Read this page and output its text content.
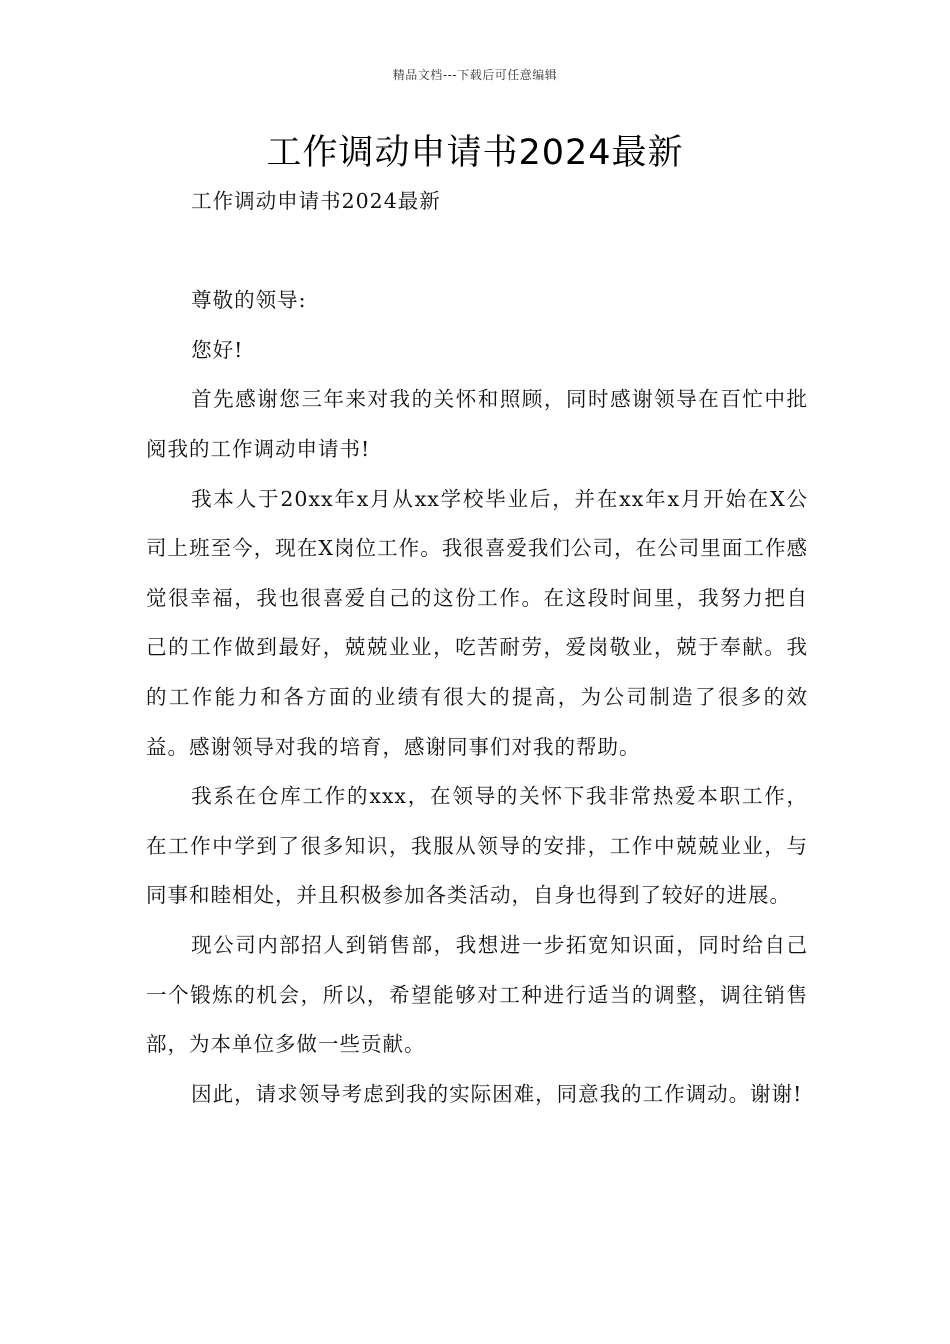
精品文档---下载后可任意编辑
工作调动申请书2024最新

工作调动申请书2024最新

尊敬的领导:

您好!

首先感谢您三年来对我的关怀和照顾，同时感谢领导在百忙中批阅我的工作调动申请书!

我本人于20xx年x月从xx学校毕业后，并在xx年x月开始在X公司上班至今，现在X岗位工作。我很喜爱我们公司，在公司里面工作感觉很幸福，我也很喜爱自己的这份工作。在这段时间里，我努力把自己的工作做到最好，兢兢业业，吃苦耐劳，爱岗敬业，兢于奉献。我的工作能力和各方面的业绩有很大的提高，为公司制造了很多的效益。感谢领导对我的培育，感谢同事们对我的帮助。

我系在仓库工作的xxx，在领导的关怀下我非常热爱本职工作，在工作中学到了很多知识，我服从领导的安排，工作中兢兢业业，与同事和睦相处，并且积极参加各类活动，自身也得到了较好的进展。

现公司内部招人到销售部，我想进一步拓宽知识面，同时给自己一个锻炼的机会，所以，希望能够对工种进行适当的调整，调往销售部，为本单位多做一些贡献。

因此，请求领导考虑到我的实际困难，同意我的工作调动。谢谢!
